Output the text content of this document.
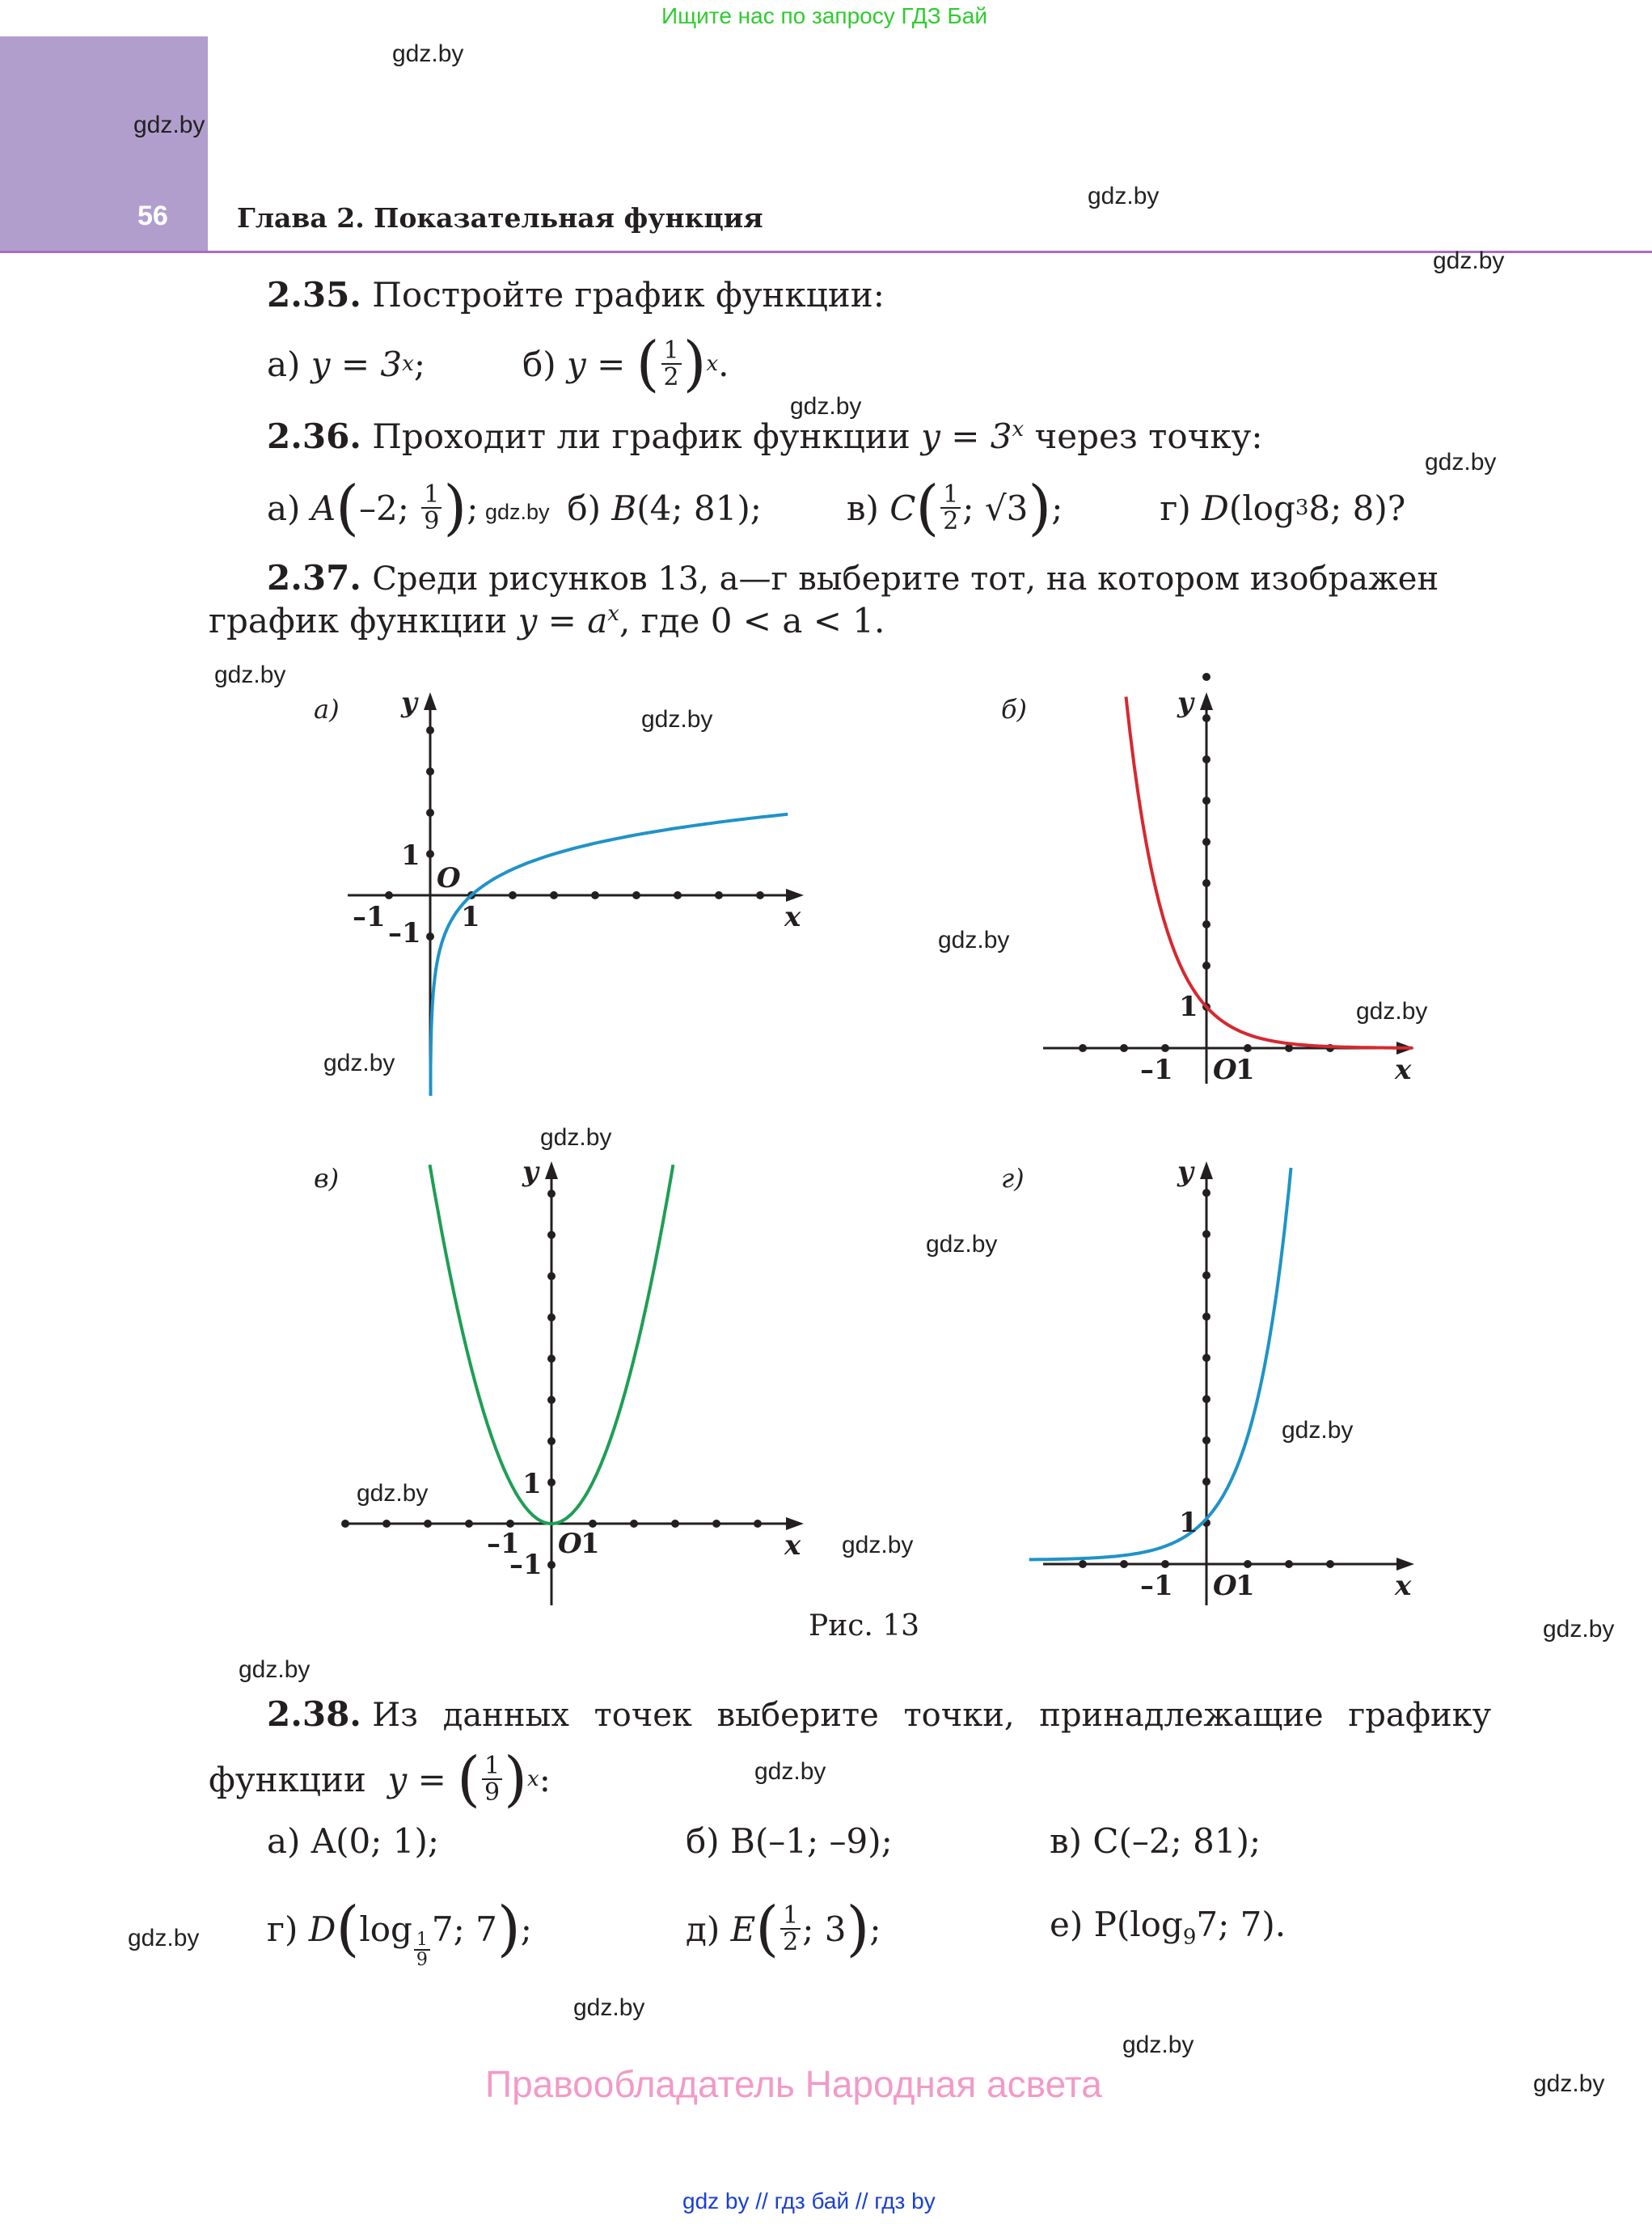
Ищите нас по запросу ГДЗ Бай
56	Глава 2. Показательная функция
gdz.by
gdz.by
gdz.by
gdz.by
gdz.by
gdz.by
gdz.by
gdz.by
gdz.by
gdz.by
gdz.by
gdz.by
gdz.by
gdz.by
gdz.by
gdz.by
gdz.by
gdz.by
gdz.by
gdz.by
gdz.by
gdz.by
gdz.by
gdz.by
2.35. Постройте график функции:
а)
y = 3 x ;	б)
y =
( $\frac{1}{2}$ ) x .
2.36. Проходит ли график функции $y = 3^x$ через точку:
а)
A ( –2;
$\frac{1}{9}$ ) ;	б)
B (4; 81);	в)
C ( $\frac{1}{2}$ ; √3 ) ;	г)
D (log 3 8; 8)?
2.37. Среди рисунков 13, а—г выберите тот, на котором изображен
график функции $y = a^x$, где 0 < a < 1.
а)
x
y
1
O
1
–1 –1
б)
x
y
1
O
1
–1
в)
x
y
1
O
1
–1
–1
г)
x
y
1
O
1
–1
Рис. 13
2.38. Из данных точек выберите точки, принадлежащие графику
функции
y =
( $\frac{1}{9}$ ) x :
а) A(0; 1);	б) B(–1; –9);	в) C(–2; 81);
г)
D ( log
$\frac{1}{9}$
7; 7 ) ;	д)
E ( $\frac{1}{2}$ ; 3 ) ;	е) $P(\log_97$; 7).
Правообладатель Народная асвета
gdz by // гдз бай // гдз by
